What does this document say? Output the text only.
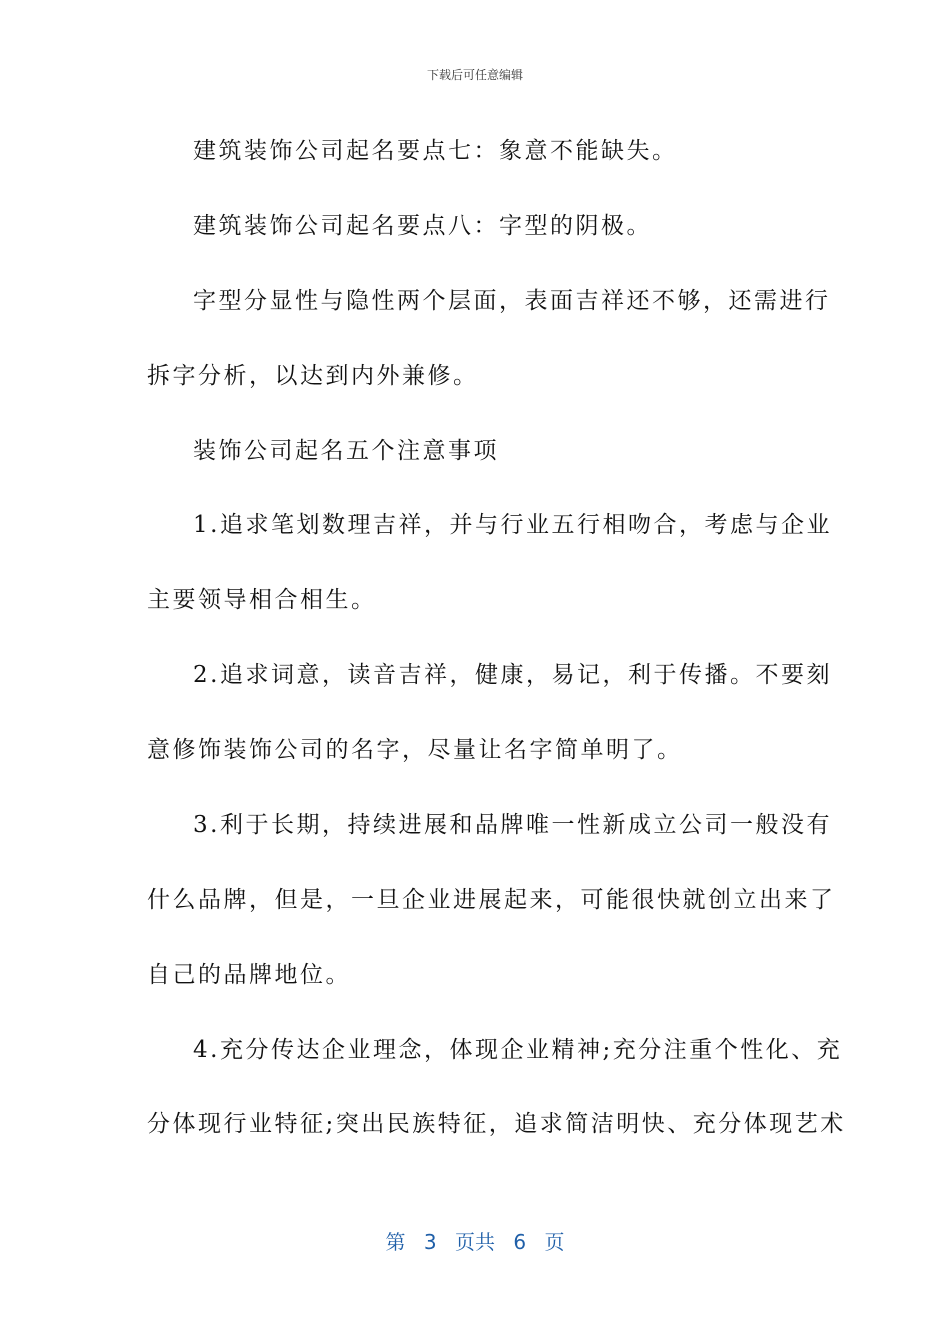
下载后可任意编辑
建筑装饰公司起名要点七：象意不能缺失。
建筑装饰公司起名要点八：字型的阴极。
字型分显性与隐性两个层面，表面吉祥还不够，还需进行
拆字分析，以达到内外兼修。
装饰公司起名五个注意事项
1.追求笔划数理吉祥，并与行业五行相吻合，考虑与企业
主要领导相合相生。
2.追求词意，读音吉祥，健康，易记，利于传播。不要刻
意修饰装饰公司的名字，尽量让名字简单明了。
3.利于长期，持续进展和品牌唯一性新成立公司一般没有
什么品牌，但是，一旦企业进展起来，可能很快就创立出来了
自己的品牌地位。
4.充分传达企业理念，体现企业精神;充分注重个性化、充
分体现行业特征;突出民族特征，追求简洁明快、充分体现艺术
第 3 页共 6 页
